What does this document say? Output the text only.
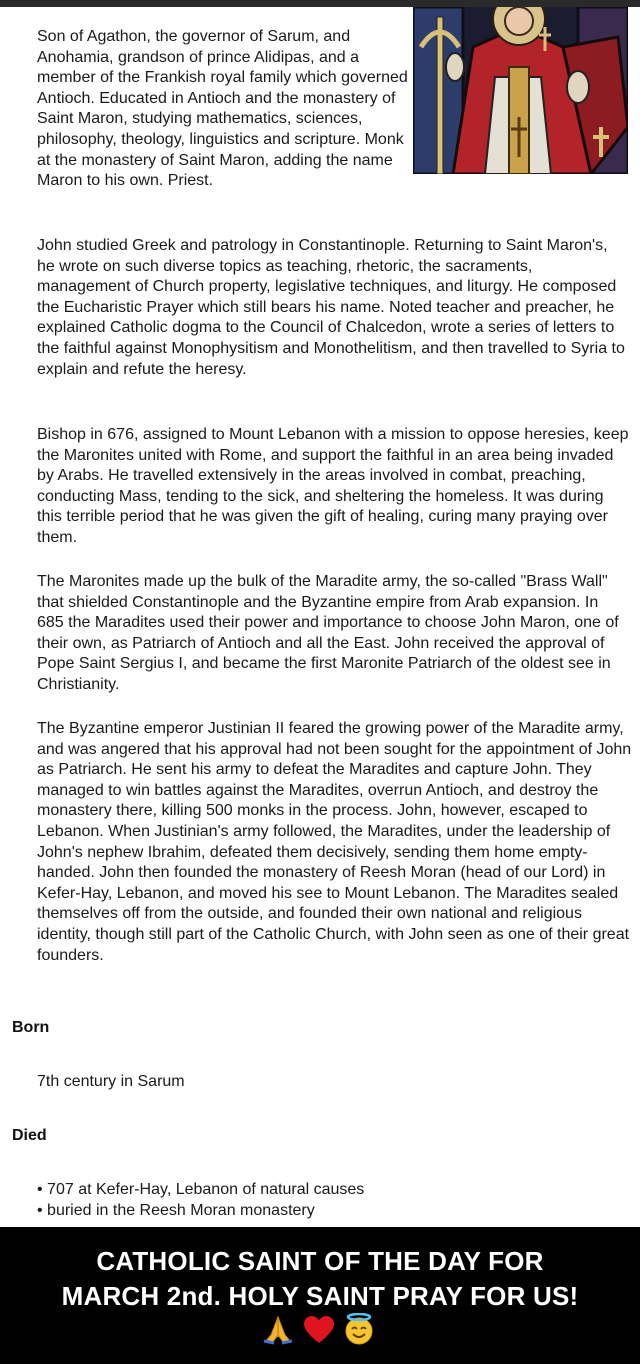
Son of Agathon, the governor of Sarum, and Anohamia, grandson of prince Alidipas, and a member of the Frankish royal family which governed Antioch. Educated in Antioch and the monastery of Saint Maron, studying mathematics, sciences, philosophy, theology, linguistics and scripture. Monk at the monastery of Saint Maron, adding the name Maron to his own. Priest.
John studied Greek and patrology in Constantinople. Returning to Saint Maron's, he wrote on such diverse topics as teaching, rhetoric, the sacraments, management of Church property, legislative techniques, and liturgy. He composed the Eucharistic Prayer which still bears his name. Noted teacher and preacher, he explained Catholic dogma to the Council of Chalcedon, wrote a series of letters to the faithful against Monophysitism and Monothelitism, and then travelled to Syria to explain and refute the heresy.
Bishop in 676, assigned to Mount Lebanon with a mission to oppose heresies, keep the Maronites united with Rome, and support the faithful in an area being invaded by Arabs. He travelled extensively in the areas involved in combat, preaching, conducting Mass, tending to the sick, and sheltering the homeless. It was during this terrible period that he was given the gift of healing, curing many praying over them.
The Maronites made up the bulk of the Maradite army, the so-called "Brass Wall" that shielded Constantinople and the Byzantine empire from Arab expansion. In 685 the Maradites used their power and importance to choose John Maron, one of their own, as Patriarch of Antioch and all the East. John received the approval of Pope Saint Sergius I, and became the first Maronite Patriarch of the oldest see in Christianity.
The Byzantine emperor Justinian II feared the growing power of the Maradite army, and was angered that his approval had not been sought for the appointment of John as Patriarch. He sent his army to defeat the Maradites and capture John. They managed to win battles against the Maradites, overrun Antioch, and destroy the monastery there, killing 500 monks in the process. John, however, escaped to Lebanon. When Justinian's army followed, the Maradites, under the leadership of John's nephew Ibrahim, defeated them decisively, sending them home empty-handed. John then founded the monastery of Reesh Moran (head of our Lord) in Kefer-Hay, Lebanon, and moved his see to Mount Lebanon. The Maradites sealed themselves off from the outside, and founded their own national and religious identity, though still part of the Catholic Church, with John seen as one of their great founders.
Born
7th century in Sarum
Died
• 707 at Kefer-Hay, Lebanon of natural causes
• buried in the Reesh Moran monastery
CATHOLIC SAINT OF THE DAY FOR
MARCH 2nd. HOLY SAINT PRAY FOR US!
